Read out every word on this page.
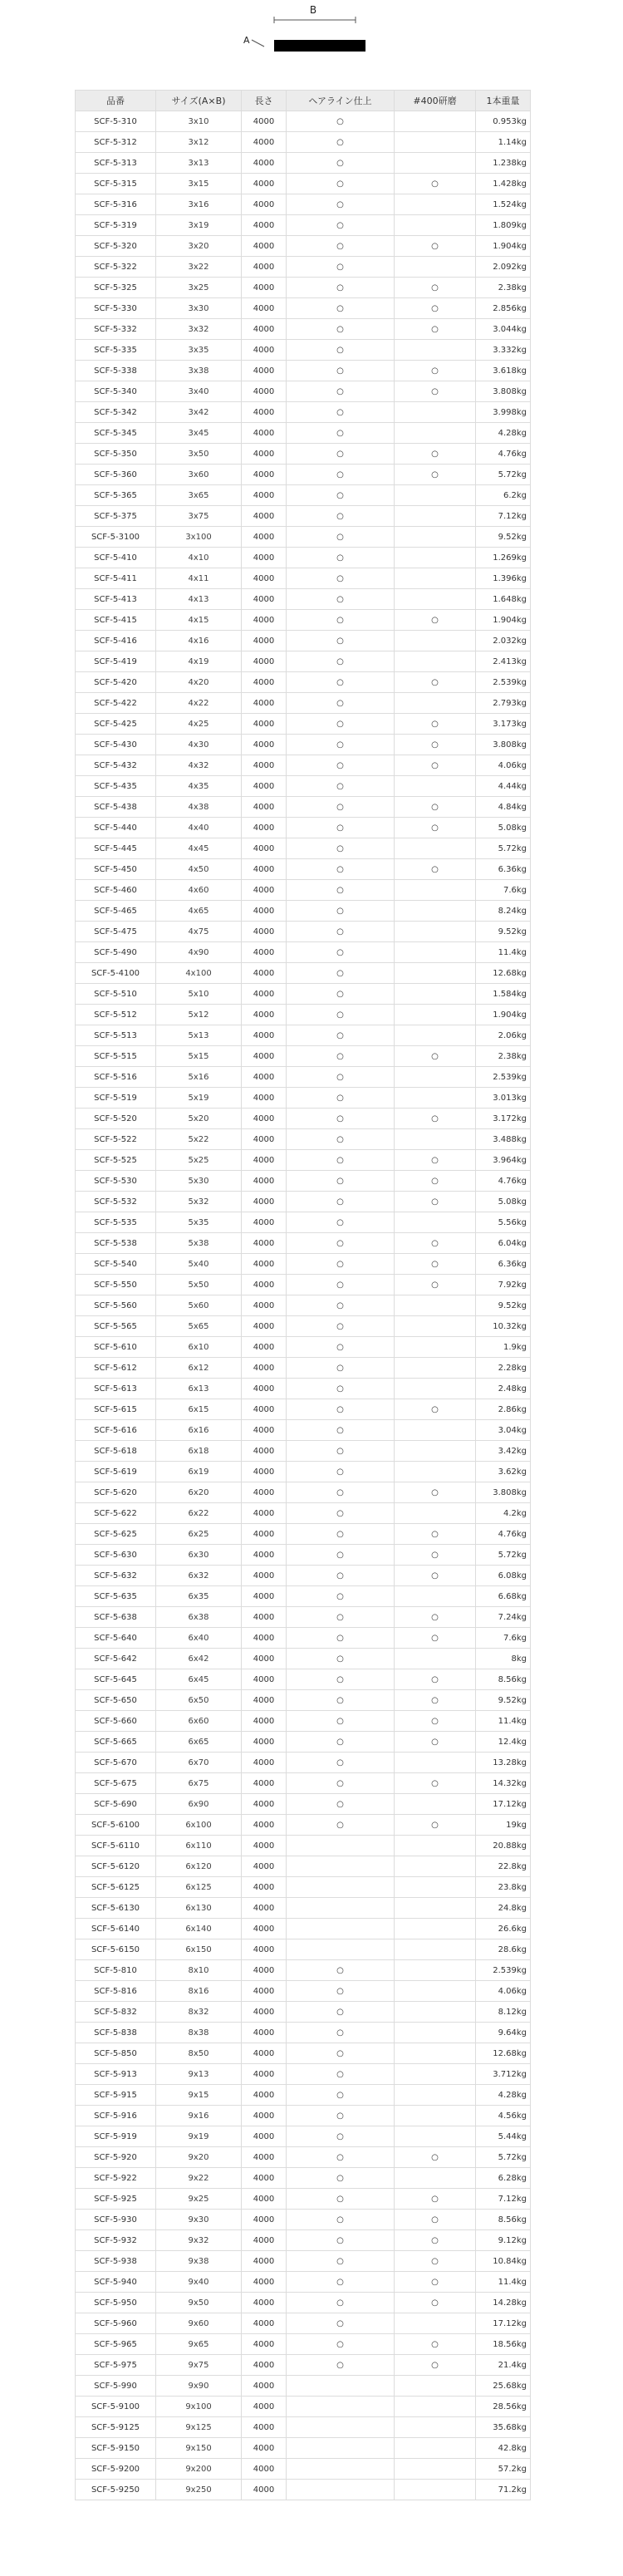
B
A
品番	サイズ(A×B)	長さ	ヘアライン仕上	#400研磨	1本重量
SCF-5-310	3x10	4000	○		0.953kg
SCF-5-312	3x12	4000	○		1.14kg
SCF-5-313	3x13	4000	○		1.238kg
SCF-5-315	3x15	4000	○	○	1.428kg
SCF-5-316	3x16	4000	○		1.524kg
SCF-5-319	3x19	4000	○		1.809kg
SCF-5-320	3x20	4000	○	○	1.904kg
SCF-5-322	3x22	4000	○		2.092kg
SCF-5-325	3x25	4000	○	○	2.38kg
SCF-5-330	3x30	4000	○	○	2.856kg
SCF-5-332	3x32	4000	○	○	3.044kg
SCF-5-335	3x35	4000	○		3.332kg
SCF-5-338	3x38	4000	○	○	3.618kg
SCF-5-340	3x40	4000	○	○	3.808kg
SCF-5-342	3x42	4000	○		3.998kg
SCF-5-345	3x45	4000	○		4.28kg
SCF-5-350	3x50	4000	○	○	4.76kg
SCF-5-360	3x60	4000	○	○	5.72kg
SCF-5-365	3x65	4000	○		6.2kg
SCF-5-375	3x75	4000	○		7.12kg
SCF-5-3100	3x100	4000	○		9.52kg
SCF-5-410	4x10	4000	○		1.269kg
SCF-5-411	4x11	4000	○		1.396kg
SCF-5-413	4x13	4000	○		1.648kg
SCF-5-415	4x15	4000	○	○	1.904kg
SCF-5-416	4x16	4000	○		2.032kg
SCF-5-419	4x19	4000	○		2.413kg
SCF-5-420	4x20	4000	○	○	2.539kg
SCF-5-422	4x22	4000	○		2.793kg
SCF-5-425	4x25	4000	○	○	3.173kg
SCF-5-430	4x30	4000	○	○	3.808kg
SCF-5-432	4x32	4000	○	○	4.06kg
SCF-5-435	4x35	4000	○		4.44kg
SCF-5-438	4x38	4000	○	○	4.84kg
SCF-5-440	4x40	4000	○	○	5.08kg
SCF-5-445	4x45	4000	○		5.72kg
SCF-5-450	4x50	4000	○	○	6.36kg
SCF-5-460	4x60	4000	○		7.6kg
SCF-5-465	4x65	4000	○		8.24kg
SCF-5-475	4x75	4000	○		9.52kg
SCF-5-490	4x90	4000	○		11.4kg
SCF-5-4100	4x100	4000	○		12.68kg
SCF-5-510	5x10	4000	○		1.584kg
SCF-5-512	5x12	4000	○		1.904kg
SCF-5-513	5x13	4000	○		2.06kg
SCF-5-515	5x15	4000	○	○	2.38kg
SCF-5-516	5x16	4000	○		2.539kg
SCF-5-519	5x19	4000	○		3.013kg
SCF-5-520	5x20	4000	○	○	3.172kg
SCF-5-522	5x22	4000	○		3.488kg
SCF-5-525	5x25	4000	○	○	3.964kg
SCF-5-530	5x30	4000	○	○	4.76kg
SCF-5-532	5x32	4000	○	○	5.08kg
SCF-5-535	5x35	4000	○		5.56kg
SCF-5-538	5x38	4000	○	○	6.04kg
SCF-5-540	5x40	4000	○	○	6.36kg
SCF-5-550	5x50	4000	○	○	7.92kg
SCF-5-560	5x60	4000	○		9.52kg
SCF-5-565	5x65	4000	○		10.32kg
SCF-5-610	6x10	4000	○		1.9kg
SCF-5-612	6x12	4000	○		2.28kg
SCF-5-613	6x13	4000	○		2.48kg
SCF-5-615	6x15	4000	○	○	2.86kg
SCF-5-616	6x16	4000	○		3.04kg
SCF-5-618	6x18	4000	○		3.42kg
SCF-5-619	6x19	4000	○		3.62kg
SCF-5-620	6x20	4000	○	○	3.808kg
SCF-5-622	6x22	4000	○		4.2kg
SCF-5-625	6x25	4000	○	○	4.76kg
SCF-5-630	6x30	4000	○	○	5.72kg
SCF-5-632	6x32	4000	○	○	6.08kg
SCF-5-635	6x35	4000	○		6.68kg
SCF-5-638	6x38	4000	○	○	7.24kg
SCF-5-640	6x40	4000	○	○	7.6kg
SCF-5-642	6x42	4000	○		8kg
SCF-5-645	6x45	4000	○	○	8.56kg
SCF-5-650	6x50	4000	○	○	9.52kg
SCF-5-660	6x60	4000	○	○	11.4kg
SCF-5-665	6x65	4000	○	○	12.4kg
SCF-5-670	6x70	4000	○		13.28kg
SCF-5-675	6x75	4000	○	○	14.32kg
SCF-5-690	6x90	4000	○		17.12kg
SCF-5-6100	6x100	4000	○	○	19kg
SCF-5-6110	6x110	4000			20.88kg
SCF-5-6120	6x120	4000			22.8kg
SCF-5-6125	6x125	4000			23.8kg
SCF-5-6130	6x130	4000			24.8kg
SCF-5-6140	6x140	4000			26.6kg
SCF-5-6150	6x150	4000			28.6kg
SCF-5-810	8x10	4000	○		2.539kg
SCF-5-816	8x16	4000	○		4.06kg
SCF-5-832	8x32	4000	○		8.12kg
SCF-5-838	8x38	4000	○		9.64kg
SCF-5-850	8x50	4000	○		12.68kg
SCF-5-913	9x13	4000	○		3.712kg
SCF-5-915	9x15	4000	○		4.28kg
SCF-5-916	9x16	4000	○		4.56kg
SCF-5-919	9x19	4000	○		5.44kg
SCF-5-920	9x20	4000	○	○	5.72kg
SCF-5-922	9x22	4000	○		6.28kg
SCF-5-925	9x25	4000	○	○	7.12kg
SCF-5-930	9x30	4000	○	○	8.56kg
SCF-5-932	9x32	4000	○	○	9.12kg
SCF-5-938	9x38	4000	○	○	10.84kg
SCF-5-940	9x40	4000	○	○	11.4kg
SCF-5-950	9x50	4000	○	○	14.28kg
SCF-5-960	9x60	4000	○		17.12kg
SCF-5-965	9x65	4000	○	○	18.56kg
SCF-5-975	9x75	4000	○	○	21.4kg
SCF-5-990	9x90	4000			25.68kg
SCF-5-9100	9x100	4000			28.56kg
SCF-5-9125	9x125	4000			35.68kg
SCF-5-9150	9x150	4000			42.8kg
SCF-5-9200	9x200	4000			57.2kg
SCF-5-9250	9x250	4000			71.2kg
